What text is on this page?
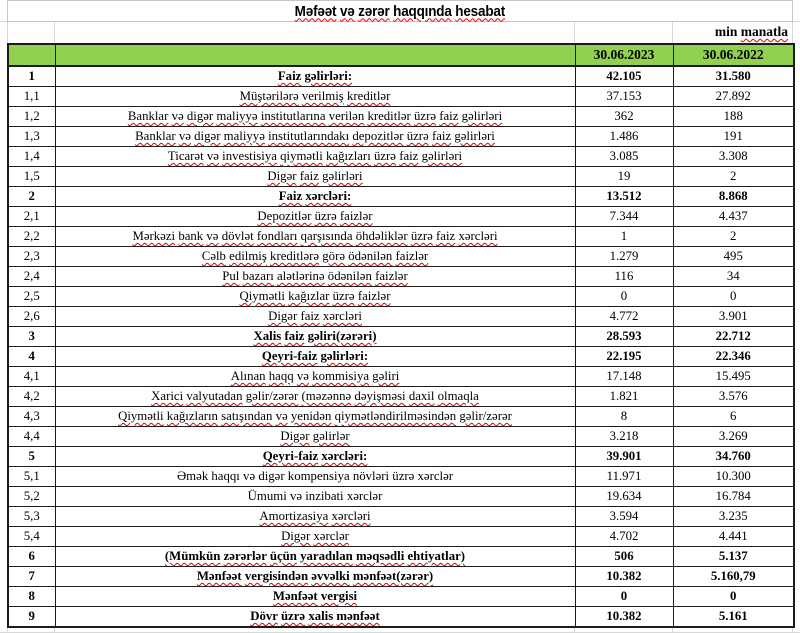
Məfəət və zərər haqqında hesabat
min manatla
		30.06.2023	30.06.2022
1	Faiz gəlirləri:	42.105	31.580
1,1	Müştərilərə verilmiş kreditlər	37.153	27.892
1,2	Banklar və digər maliyyə institutlarına verilən kreditlər üzrə faiz gəlirləri	362	188
1,3	Banklar və digər maliyyə institutlarındakı depozitlər üzrə faiz gəlirləri	1.486	191
1,4	Ticarət və investisiya qiymətli kağızları üzrə faiz gəlirləri	3.085	3.308
1,5	Digər faiz gəlirləri	19	2
2	Faiz xərcləri:	13.512	8.868
2,1	Depozitlər üzrə faizlər	7.344	4.437
2,2	Mərkəzi bank və dövlət fondları qarşısında öhdəliklər üzrə faiz xərcləri	1	2
2,3	Cəlb edilmiş kreditlərə görə ödənilən faizlər	1.279	495
2,4	Pul bazarı alətlərinə ödənilən faizlər	116	34
2,5	Qiymətli kağızlar üzrə faizlər	0	0
2,6	Digər faiz xərcləri	4.772	3.901
3	Xalis faiz gəliri(zərəri)	28.593	22.712
4	Qeyri-faiz gəlirləri:	22.195	22.346
4,1	Alınan haqq və kommisiya gəliri	17.148	15.495
4,2	Xarici valyutadan gəlir/zərər (məzənnə dəyişməsi daxil olmaqla	1.821	3.576
4,3	Qiymətli kağızların satışından və yenidən qiymətləndirilməsindən gəlir/zərər	8	6
4,4	Digər gəlirlər	3.218	3.269
5	Qeyri-faiz xərcləri:	39.901	34.760
5,1	Əmək haqqı və digər kompensiya növləri üzrə xərclər	11.971	10.300
5,2	Ümumi və inzibati xərclər	19.634	16.784
5,3	Amortizasiya xərcləri	3.594	3.235
5,4	Digər xərclər	4.702	4.441
6	(Mümkün zərərlər üçün yaradılan məqsədli ehtiyatlar)	506	5.137
7	Mənfəət vergisindən əvvəlki mənfəət(zərər)	10.382	5.160,79
8	Mənfəət vergisi	0	0
9	Dövr üzrə xalis mənfəət	10.382	5.161
